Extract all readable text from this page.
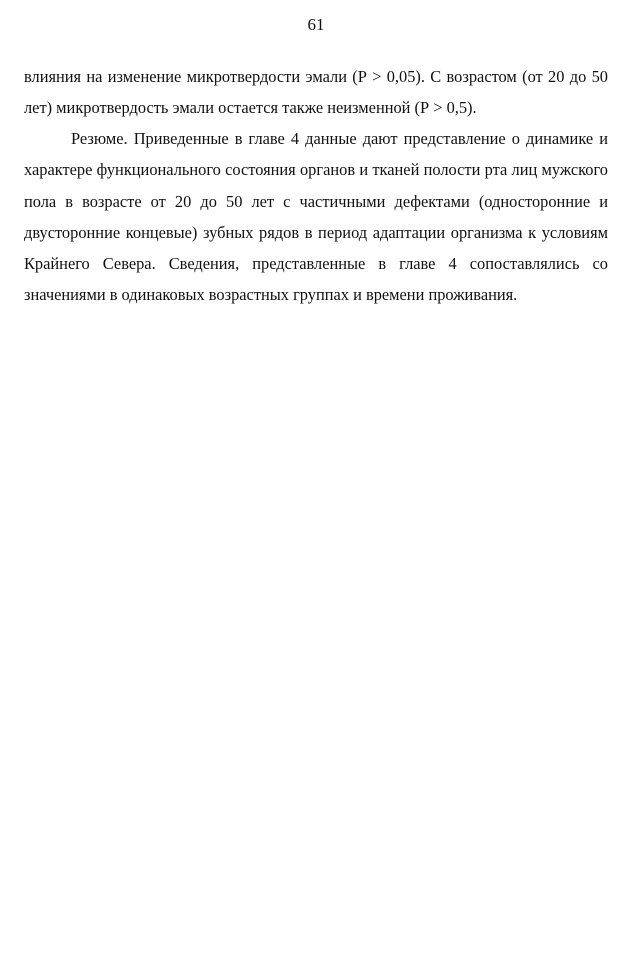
61

влияния на изменение микротвердости эмали (Р > 0,05). С возрастом (от 20 до 50 лет) микротвердость эмали остается также неизменной (Р > 0,5).

Резюме. Приведенные в главе 4 данные дают представление о динамике и характере функционального состояния органов и тканей полости рта лиц мужского пола в возрасте от 20 до 50 лет с частичными дефектами (односторонние и двусторонние концевые) зубных рядов в период адаптации организма к условиям Крайнего Севера. Сведения, представленные в главе 4 сопоставлялись со значениями в одинаковых возрастных группах и времени проживания.
